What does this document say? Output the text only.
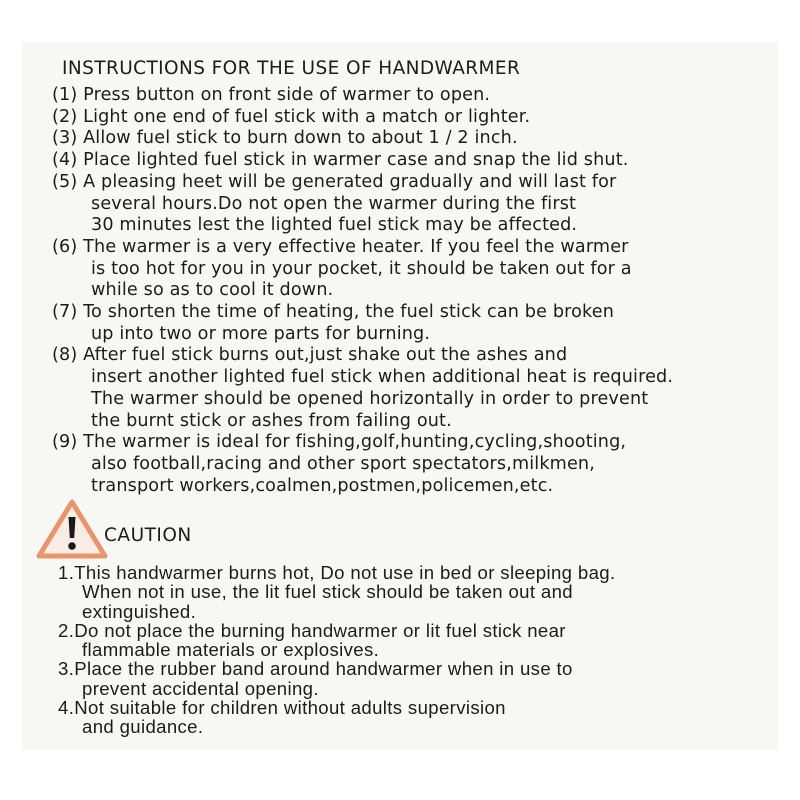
INSTRUCTIONS FOR THE USE OF HANDWARMER
(1) Press button on front side of warmer to open.
(2) Light one end of fuel stick with a match or lighter.
(3) Allow fuel stick to burn down to about 1 / 2 inch.
(4) Place lighted fuel stick in warmer case and snap the lid shut.
(5) A pleasing heet will be generated gradually and will last for
several hours.Do not open the warmer during the first
30 minutes lest the lighted fuel stick may be affected.
(6) The warmer is a very effective heater. If you feel the warmer
is too hot for you in your pocket, it should be taken out for a
while so as to cool it down.
(7) To shorten the time of heating, the fuel stick can be broken
up into two or more parts for burning.
(8) After fuel stick burns out,just shake out the ashes and
insert another lighted fuel stick when additional heat is required.
The warmer should be opened horizontally in order to prevent
the burnt stick or ashes from failing out.
(9) The warmer is ideal for fishing,golf,hunting,cycling,shooting,
also football,racing and other sport spectators,milkmen,
transport workers,coalmen,postmen,policemen,etc.
CAUTION
1.This handwarmer burns hot, Do not use in bed or sleeping bag.
When not in use, the lit fuel stick should be taken out and
extinguished.
2.Do not place the burning handwarmer or lit fuel stick near
flammable materials or explosives.
3.Place the rubber band around handwarmer when in use to
prevent accidental opening.
4.Not suitable for children without adults supervision
and guidance.
